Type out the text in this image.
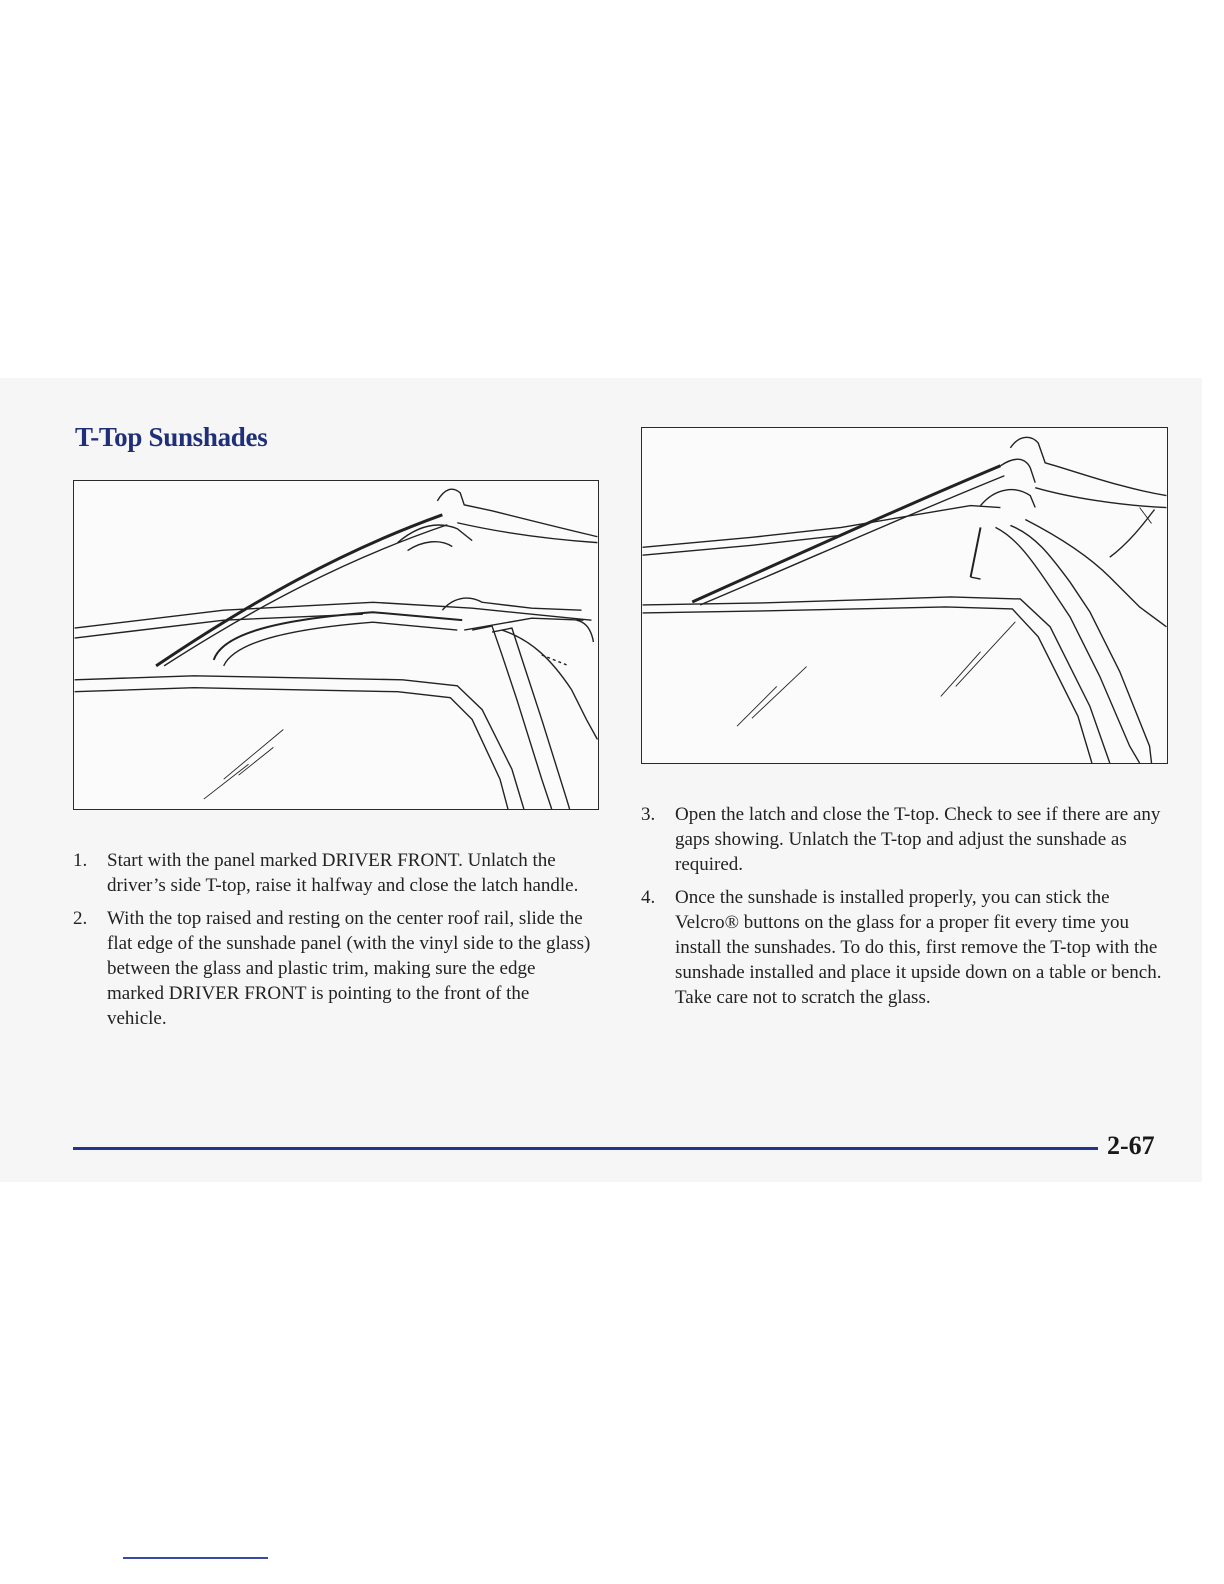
T-Top Sunshades
1. Start with the panel marked DRIVER FRONT. Unlatch the driver’s side T-top, raise it halfway and close the latch handle.
2. With the top raised and resting on the center roof rail, slide the flat edge of the sunshade panel (with the vinyl side to the glass) between the glass and plastic trim, making sure the edge marked DRIVER FRONT is pointing to the front of the vehicle.
3. Open the latch and close the T-top. Check to see if there are any gaps showing. Unlatch the T-top and adjust the sunshade as required.
4. Once the sunshade is installed properly, you can stick the Velcro® buttons on the glass for a proper fit every time you install the sunshades. To do this, first remove the T-top with the sunshade installed and place it upside down on a table or bench. Take care not to scratch the glass.
2-67
